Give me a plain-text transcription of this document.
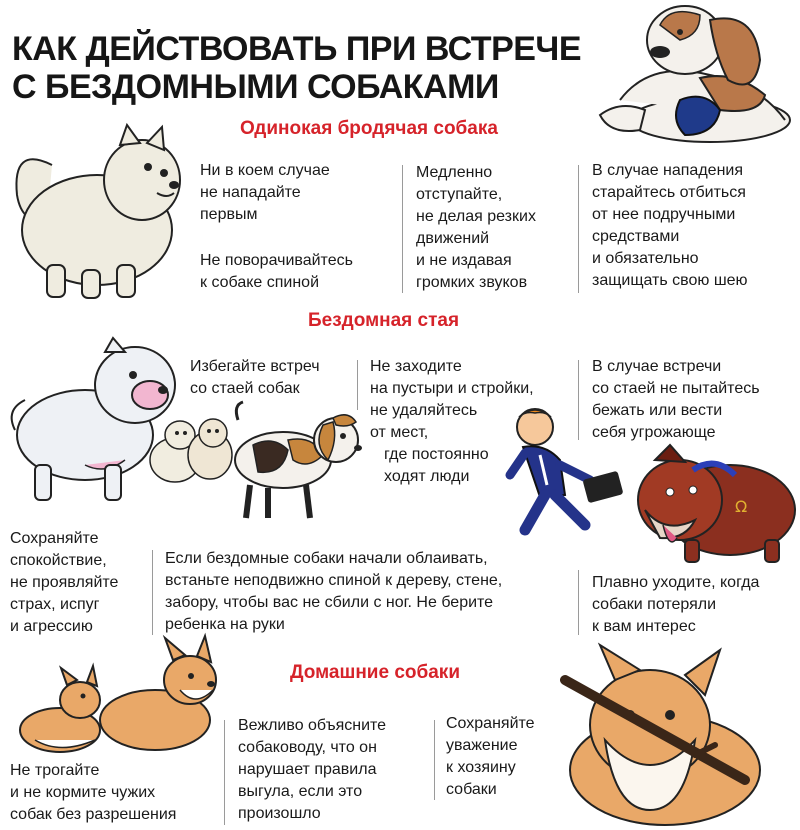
КАК ДЕЙСТВОВАТЬ ПРИ ВСТРЕЧЕ
С БЕЗДОМНЫМИ СОБАКАМИ
Одинокая бродячая собака
Ни в коем случае
не нападайте
первым
Не поворачивайтесь
к собаке спиной
Медленно
отступайте,
не делая резких
движений
и не издавая
громких звуков
В случае нападения
старайтесь отбиться
от нее подручными
средствами
и обязательно
защищать свою шею
Бездомная стая
Избегайте встреч
со стаей собак
Не заходите
на пустыри и стройки,
не удаляйтесь
от мест,
где постоянно
ходят люди
В случае встречи
со стаей не пытайтесь
бежать или вести
себя угрожающе
Ω
Сохраняйте
спокойствие,
не проявляйте
страх, испуг
и агрессию
Если бездомные собаки начали облаивать,
встаньте неподвижно спиной к дереву, стене,
забору, чтобы вас не сбили с ног. Не берите
ребенка на руки
Плавно уходите, когда
собаки потеряли
к вам интерес
Домашние собаки
Не трогайте
и не кормите чужих
собак без разрешения
Вежливо объясните
собаководу, что он
нарушает правила
выгула, если это
произошло
Сохраняйте
уважение
к хозяину
собаки
